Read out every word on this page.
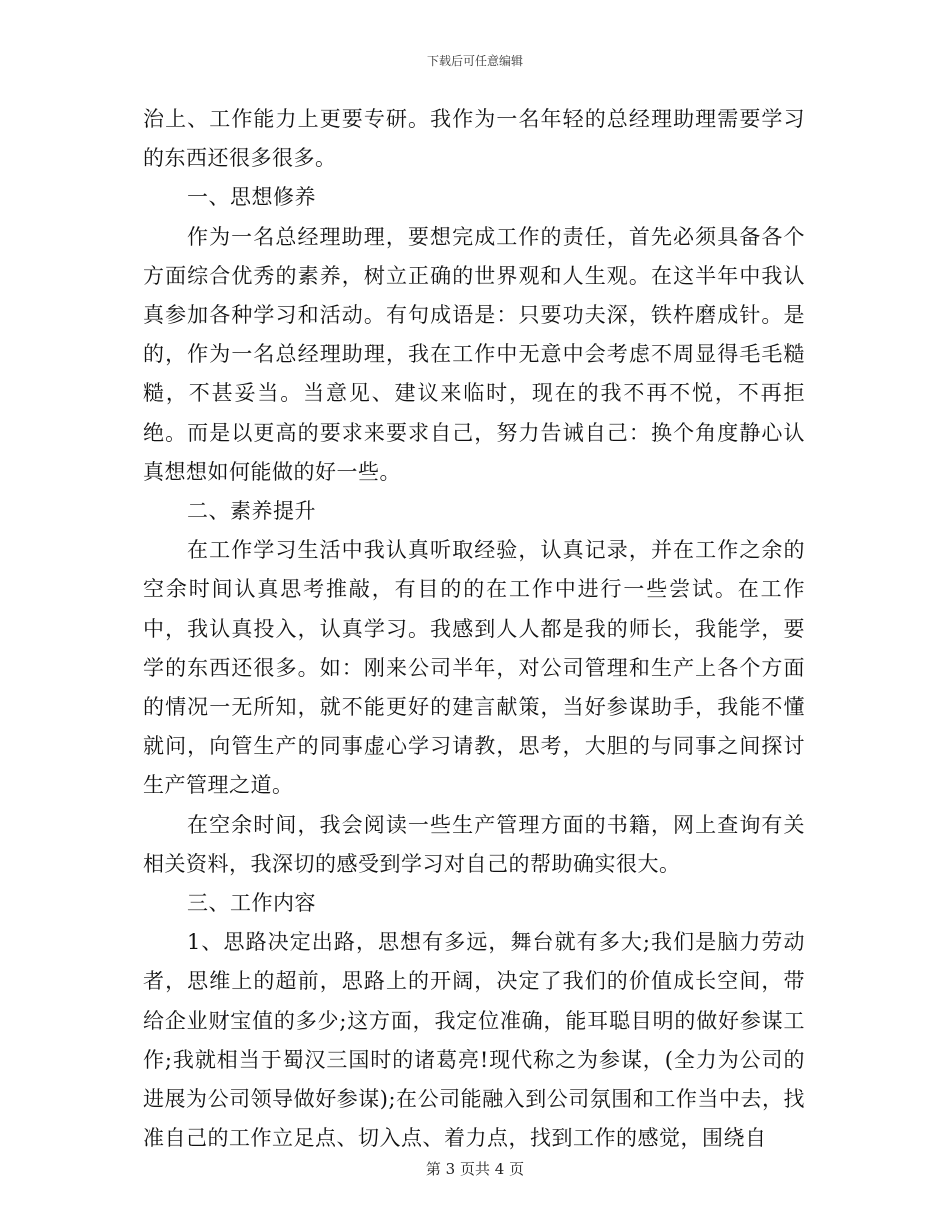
下载后可任意编辑

治上、工作能力上更要专研。我作为一名年轻的总经理助理需要学习的东西还很多很多。

一、思想修养

作为一名总经理助理，要想完成工作的责任，首先必须具备各个方面综合优秀的素养，树立正确的世界观和人生观。在这半年中我认真参加各种学习和活动。有句成语是：只要功夫深，铁杵磨成针。是的，作为一名总经理助理，我在工作中无意中会考虑不周显得毛毛糙糙，不甚妥当。当意见、建议来临时，现在的我不再不悦，不再拒绝。而是以更高的要求来要求自己，努力告诫自己：换个角度静心认真想想如何能做的好一些。

二、素养提升

在工作学习生活中我认真听取经验，认真记录，并在工作之余的空余时间认真思考推敲，有目的的在工作中进行一些尝试。在工作中，我认真投入，认真学习。我感到人人都是我的师长，我能学，要学的东西还很多。如：刚来公司半年，对公司管理和生产上各个方面的情况一无所知，就不能更好的建言献策，当好参谋助手，我能不懂就问，向管生产的同事虚心学习请教，思考，大胆的与同事之间探讨生产管理之道。

在空余时间，我会阅读一些生产管理方面的书籍，网上查询有关相关资料，我深切的感受到学习对自己的帮助确实很大。

三、工作内容

1、思路决定出路，思想有多远，舞台就有多大;我们是脑力劳动者，思维上的超前，思路上的开阔，决定了我们的价值成长空间，带给企业财宝值的多少;这方面，我定位准确，能耳聪目明的做好参谋工作;我就相当于蜀汉三国时的诸葛亮!现代称之为参谋，(全力为公司的进展为公司领导做好参谋);在公司能融入到公司氛围和工作当中去，找准自己的工作立足点、切入点、着力点，找到工作的感觉，围绕自

第 3 页共 4 页
